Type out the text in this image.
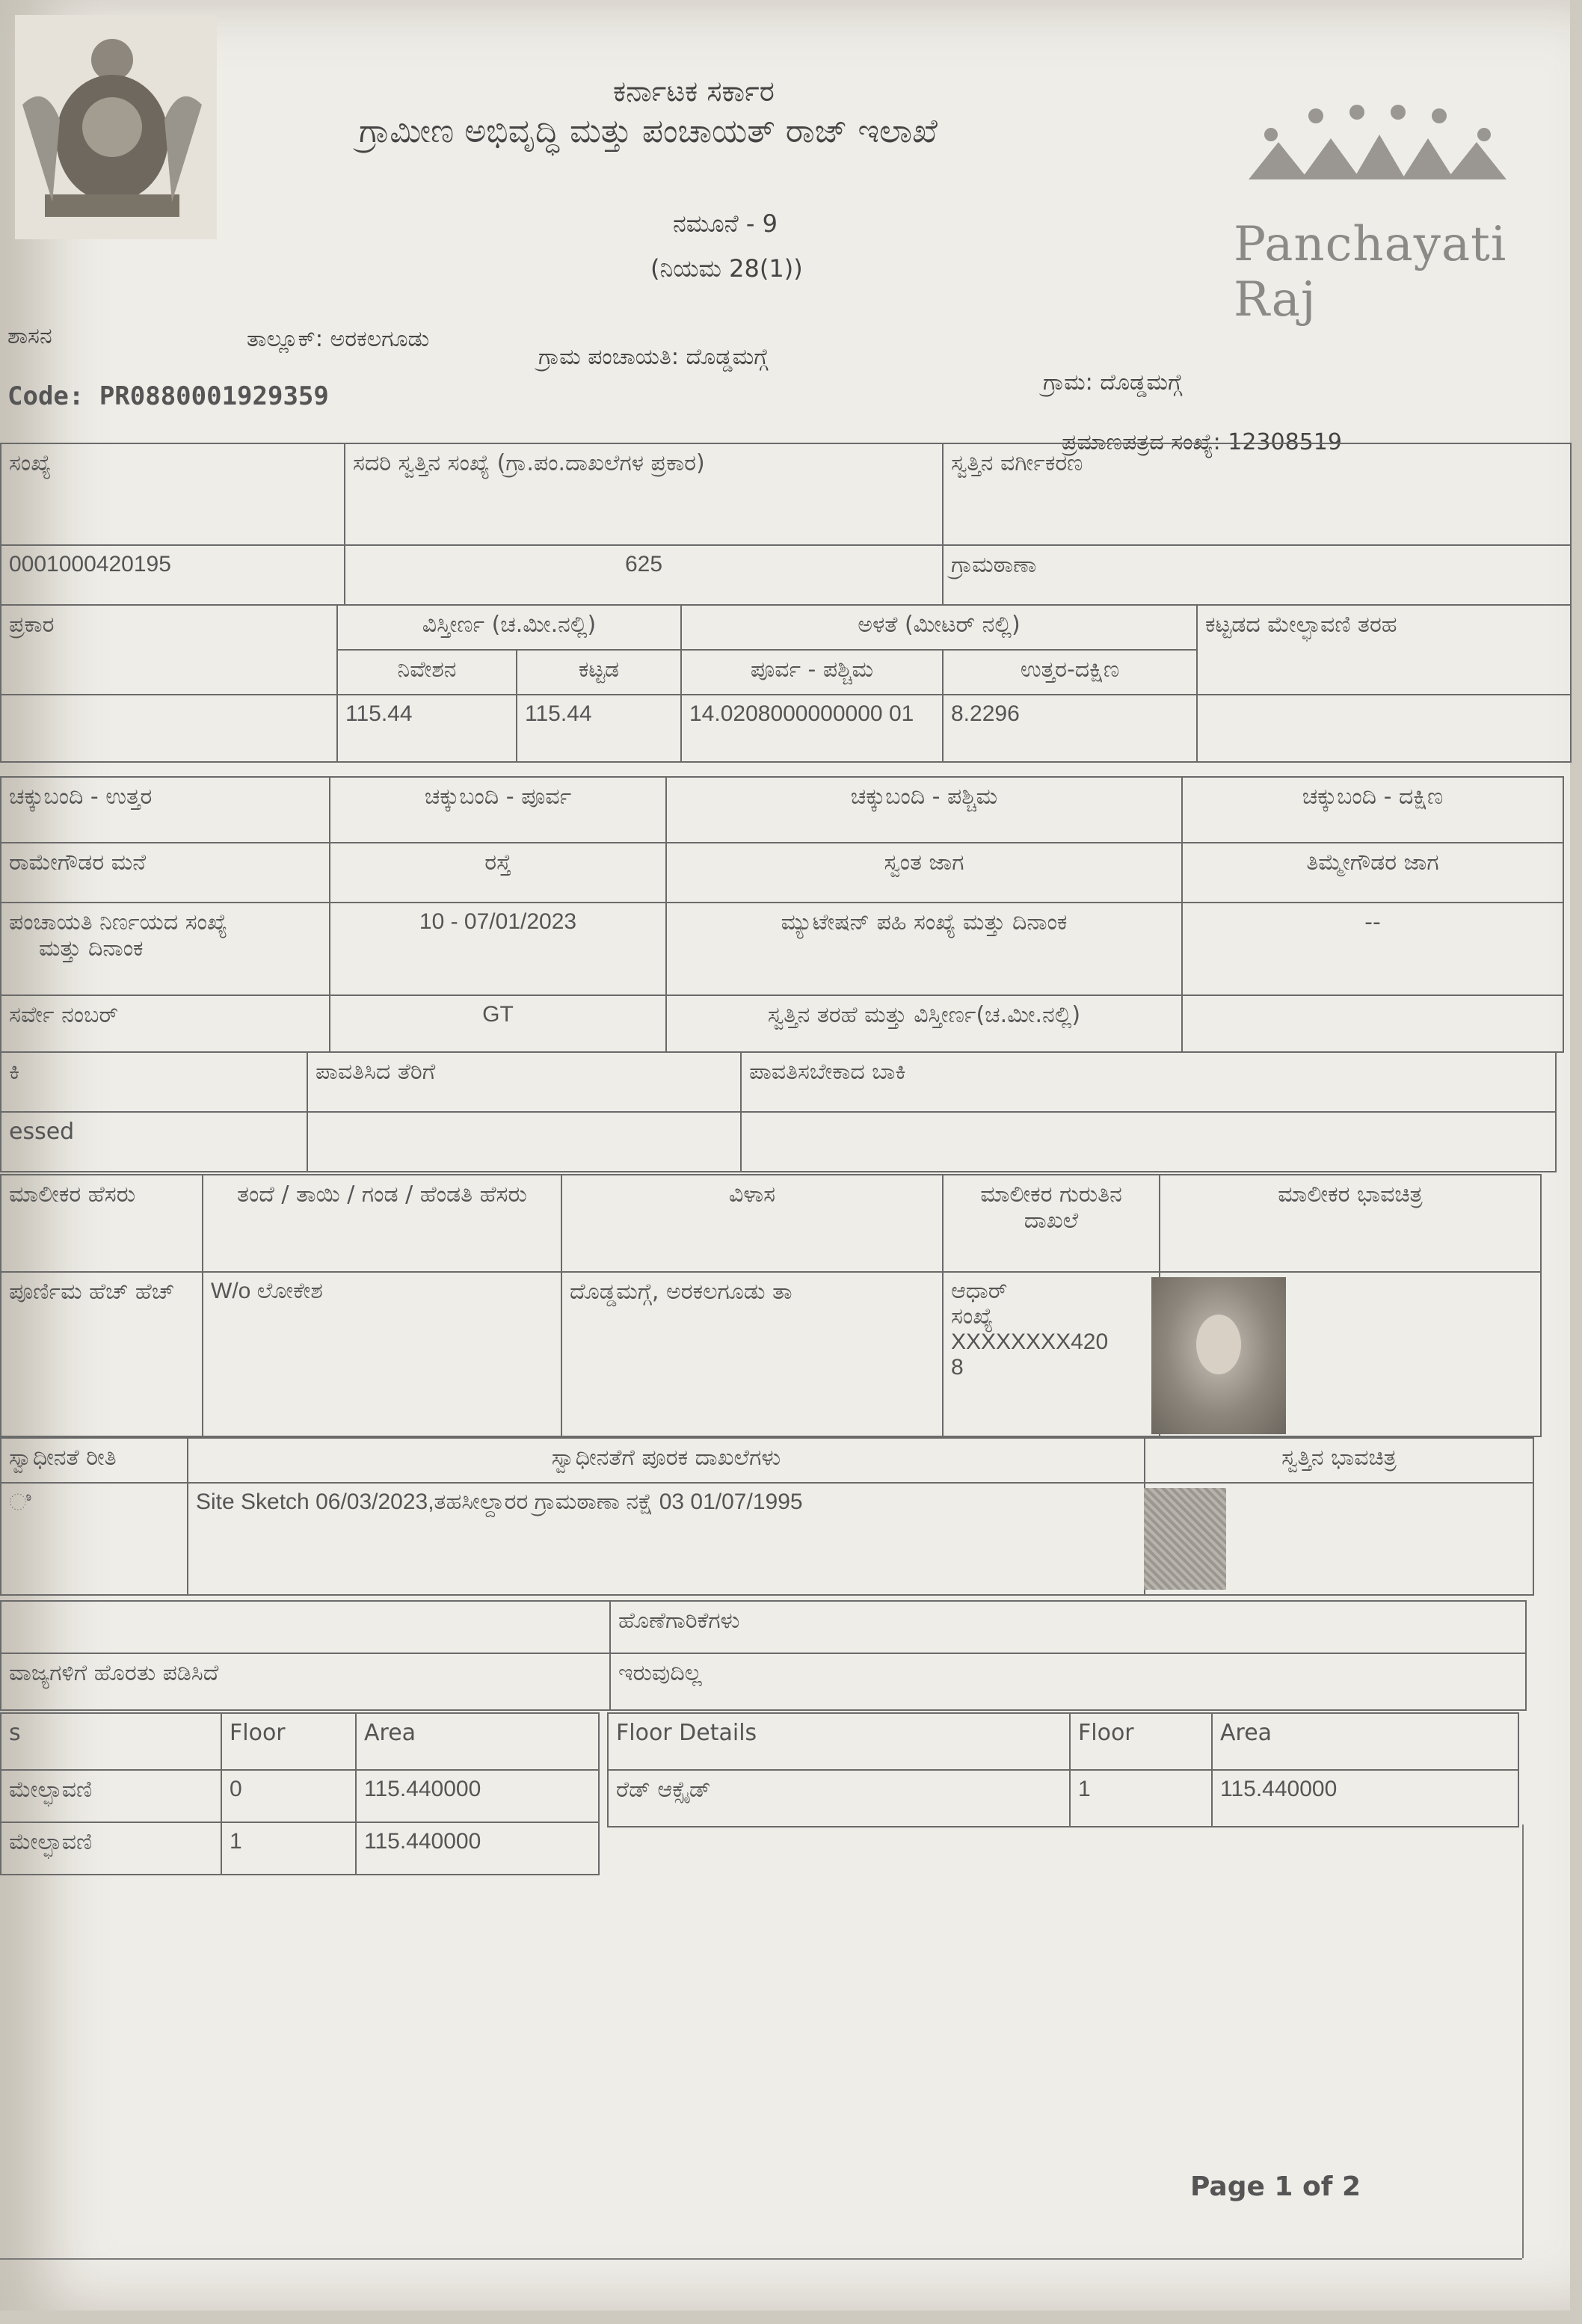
ಕರ್ನಾಟಕ ಸರ್ಕಾರ
ಗ್ರಾಮೀಣ ಅಭಿವೃದ್ಧಿ ಮತ್ತು ಪಂಚಾಯತ್ ರಾಜ್ ಇಲಾಖೆ
ನಮೂನೆ - 9
(ನಿಯಮ 28(1))	Panchayati Raj
ಶಾಸನ	ತಾಲ್ಲೂಕ್: ಅರಕಲಗೂಡು
ಗ್ರಾಮ ಪಂಚಾಯತಿ: ದೊಡ್ಡಮಗ್ಗೆ
ಗ್ರಾಮ: ದೊಡ್ಡಮಗ್ಗೆ
Code: PR0880001929359
ಪ್ರಮಾಣಪತ್ರದ ಸಂಖ್ಯೆ: 12308519
ಸಂಖ್ಯೆ	ಸದರಿ ಸ್ವತ್ತಿನ ಸಂಖ್ಯೆ (ಗ್ರಾ.ಪಂ.ದಾಖಲೆಗಳ ಪ್ರಕಾರ)	ಸ್ವತ್ತಿನ ವರ್ಗೀಕರಣ
0001000420195	625	ಗ್ರಾಮಠಾಣಾ
ಪ್ರಕಾರ	ವಿಸ್ತೀರ್ಣ (ಚ.ಮೀ.ನಲ್ಲಿ)		ಅಳತೆ (ಮೀಟರ್ ನಲ್ಲಿ)		ಕಟ್ಟಡದ ಮೇಲ್ಛಾವಣಿ ತರಹ
	ನಿವೇಶನ	ಕಟ್ಟಡ	ಪೂರ್ವ - ಪಶ್ಚಿಮ	ಉತ್ತರ-ದಕ್ಷಿಣ	
	115.44	115.44	14.0208000000000 01	8.2296	
ಚಕ್ಕುಬಂದಿ - ಉತ್ತರ	ಚಕ್ಕುಬಂದಿ - ಪೂರ್ವ	ಚಕ್ಕುಬಂದಿ - ಪಶ್ಚಿಮ	ಚಕ್ಕುಬಂದಿ - ದಕ್ಷಿಣ
ರಾಮೇಗೌಡರ ಮನೆ	ರಸ್ತೆ	ಸ್ವಂತ ಜಾಗ	ತಿಮ್ಮೇಗೌಡರ ಜಾಗ

ಪಂಚಾಯತಿ ನಿರ್ಣಯದ ಸಂಖ್ಯೆ
ಮತ್ತು ದಿನಾಂಕ	10 - 07/01/2023	ಮ್ಯುಟೇಷನ್ ಪಹಿ ಸಂಖ್ಯೆ ಮತ್ತು ದಿನಾಂಕ	--
ಸರ್ವೇ ನಂಬರ್	GT	ಸ್ವತ್ತಿನ ತರಹೆ ಮತ್ತು ವಿಸ್ತೀರ್ಣ(ಚ.ಮೀ.ನಲ್ಲಿ)	
ಕಿ	ಪಾವತಿಸಿದ ತೆರಿಗೆ	ಪಾವತಿಸಬೇಕಾದ ಬಾಕಿ
essed		
ಮಾಲೀಕರ ಹೆಸರು	ತಂದೆ / ತಾಯಿ / ಗಂಡ / ಹೆಂಡತಿ ಹೆಸರು	ವಿಳಾಸ	ಮಾಲೀಕರ ಗುರುತಿನ ದಾಖಲೆ	ಮಾಲೀಕರ ಭಾವಚಿತ್ರ
ಪೂರ್ಣಿಮ ಹೆಚ್ ಹೆಚ್	W/o ಲೋಕೇಶ	ದೊಡ್ಡಮಗ್ಗೆ, ಅರಕಲಗೂಡು ತಾ	ಆಧಾರ್
ಸಂಖ್ಯೆ
XXXXXXXX420
8	

ಸ್ವಾಧೀನತೆ ರೀತಿ	ಸ್ವಾಧೀನತೆಗೆ ಪೂರಕ ದಾಖಲೆಗಳು	ಸ್ವತ್ತಿನ ಭಾವಚಿತ್ರ
ಿ	Site Sketch 06/03/2023,ತಹಸೀಲ್ದಾರರ ಗ್ರಾಮಠಾಣಾ ನಕ್ಷೆ 03 01/07/1995	
	ಹೊಣೆಗಾರಿಕೆಗಳು
ವಾಜ್ಯಗಳಿಗೆ ಹೊರತು ಪಡಿಸಿದೆ	ಇರುವುದಿಲ್ಲ
s	Floor	Area
ಮೇಲ್ಛಾವಣಿ	0	115.440000
ಮೇಲ್ಛಾವಣಿ	1	115.440000
Floor Details	Floor	Area
ರೆಡ್ ಆಕ್ಸೈಡ್	1	115.440000
Page 1 of 2
